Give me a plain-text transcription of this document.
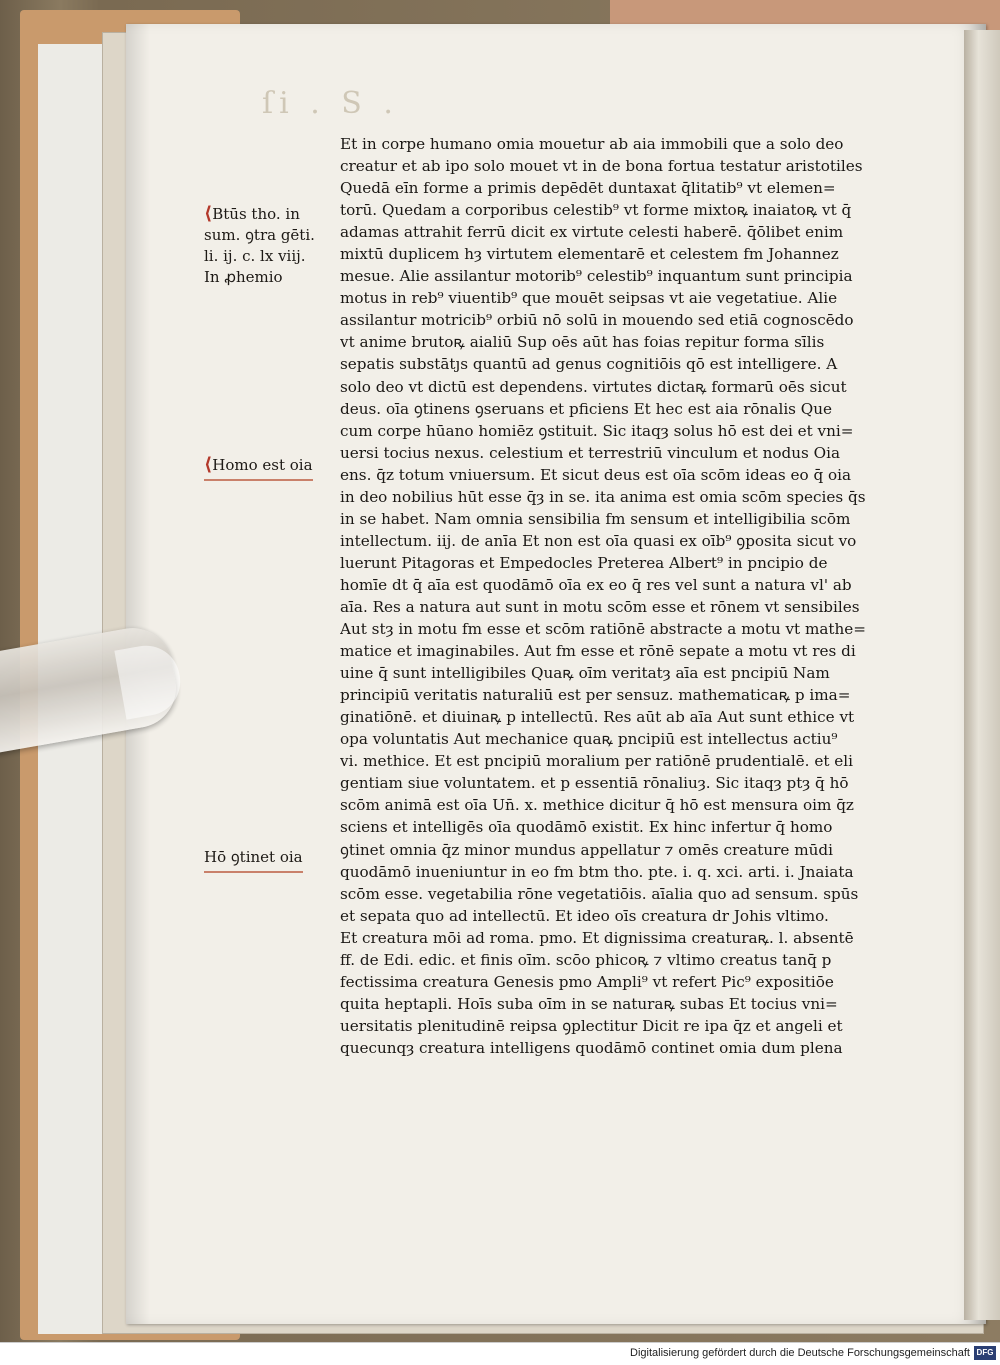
ſi . S .
Et in corpe humano omia mouetur ab aia immobili que a solo deo
creatur et ab ipo solo mouet vt in de bona fortua testatur aristotiles
Quedā eīn forme a primis depēdēt duntaxat q̄litatib⁹ vt elemen=
torū. Quedam a corporibus celestib⁹ vt forme mixtoꝶ inaiatoꝶ vt q̄
adamas attrahit ferrū dicit ex virtute celesti haberē. q̄ōlibet enim
mixtū duplicem hȝ virtutem elementarē et celestem fm Johannez
mesue. Alie assilantur motorib⁹ celestib⁹ inquantum sunt principia
motus in reb⁹ viuentib⁹ que mouēt seipsas vt aie vegetatiue. Alie
assilantur motricib⁹ orbiū nō solū in mouendo sed etiā cognoscēdo
vt anime brutoꝶ aialiū Sup oēs aūt has foias repitur forma sīlis
sepatis substātȷs quantū ad genus cognitiōis qō est intelligere. A
solo deo vt dictū est dependens. virtutes dictaꝶ formarū oēs sicut
deus. oīa ꝯtinens ꝯseruans et pficiens Et hec est aia rōnalis Que
cum corpe hūano homiēz ꝯstituit. Sic itaqȝ solus hō est dei et vni=
uersi tocius nexus. celestium et terrestriū vinculum et nodus Oia
ens. q̄z totum vniuersum. Et sicut deus est oīa scōm ideas eo q̄ oia
in deo nobilius hūt esse q̄ȝ in se. ita anima est omia scōm species q̄s
in se habet. Nam omnia sensibilia fm sensum et intelligibilia scōm
intellectum. iij. de anīa Et non est oīa quasi ex oīb⁹ ꝯposita sicut vo
luerunt Pitagoras et Empedocles Preterea Albert⁹ in pncipio de
homīe dt q̄ aīa est quodāmō oīa ex eo q̄ res vel sunt a natura vl' ab
aīa. Res a natura aut sunt in motu scōm esse et rōnem vt sensibiles
Aut stȝ in motu fm esse et scōm ratiōnē abstracte a motu vt mathe=
matice et imaginabiles. Aut fm esse et rōnē sepate a motu vt res di
uine q̄ sunt intelligibiles Quaꝶ oīm veritatȝ aīa est pncipiū Nam
principiū veritatis naturaliū est per sensuz. mathematicaꝶ p ima=
ginatiōnē. et diuinaꝶ p intellectū. Res aūt ab aīa Aut sunt ethice vt
opa voluntatis Aut mechanice quaꝶ pncipiū est intellectus actiu⁹
vi. methice. Et est pncipiū moralium per ratiōnē prudentialē. et eli
gentiam siue voluntatem. et p essentiā rōnaliuȝ. Sic itaqȝ ptȝ q̄ hō
scōm animā est oīa Un̄. x. methice dicitur q̄ hō est mensura oim q̄z
sciens et intelligēs oīa quodāmō existit. Ex hinc infertur q̄ homo
ꝯtinet omnia q̄z minor mundus appellatur ⁊ omēs creature mūdi
quodāmō inueniuntur in eo fm btm tho. pte. i. q. xci. arti. i. Jnaiata
scōm esse. vegetabilia rōne vegetatiōis. aīalia quo ad sensum. spūs
et sepata quo ad intellectū. Et ideo oīs creatura dr Johis vltimo.
Et creatura mōi ad roma. pmo. Et dignissima creaturaꝶ. l. absentē
ff. de Edi. edic. et finis oīm. scōo phicoꝶ ⁊ vltimo creatus tanq̄ p
fectissima creatura Genesis pmo Ampli⁹ vt refert Pic⁹ expositiōe
quita heptapli. Hoīs suba oīm in se naturaꝶ subas Et tocius vni=
uersitatis plenitudinē reipsa ꝯplectitur Dicit re ipa q̄z et angeli et
quecunqȝ creatura intelligens quodāmō continet omia dum plena
⟨Btūs tho. in
sum. ꝯtra gēti.
li. ij. c. lx viij.
In ꝓhemio
⟨Homo est oia
Hō ꝯtinet oia
Digitalisierung gefördert durch die Deutsche Forschungsgemeinschaft DFG
